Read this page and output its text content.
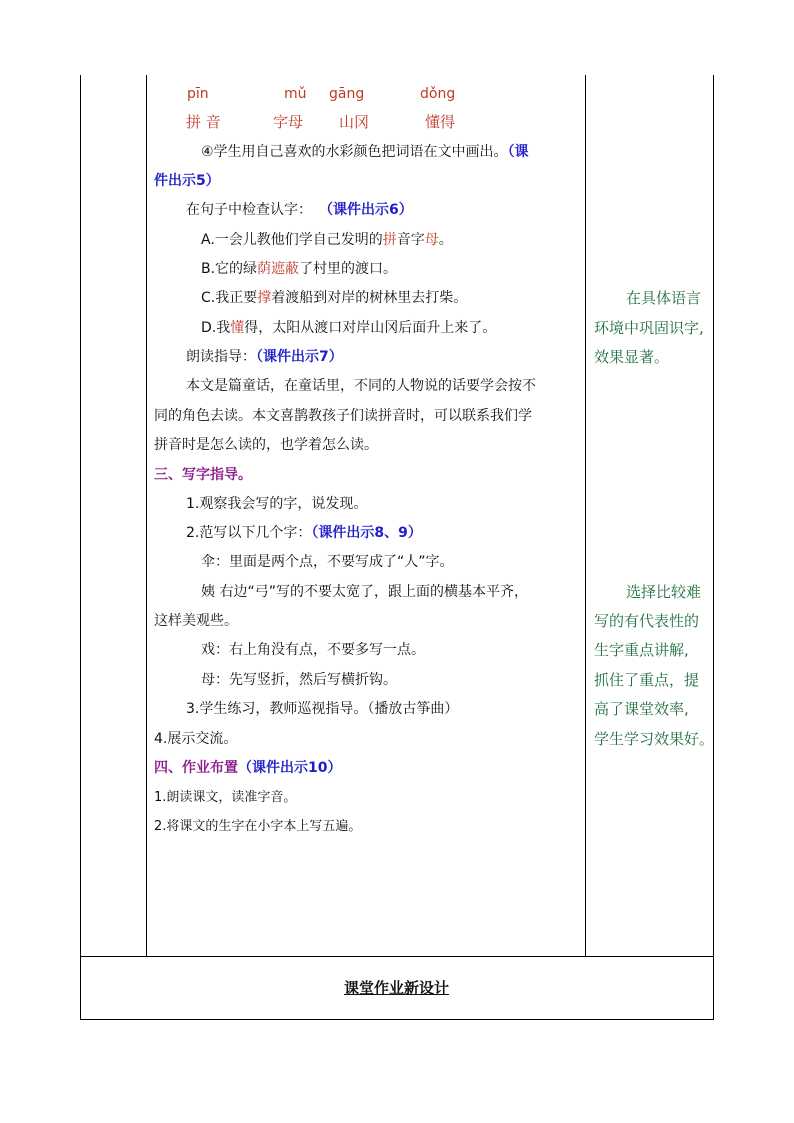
pīn	mǔ gāng	dǒng
拼 音	字母 山冈	懂得
④学生用自己喜欢的水彩颜色把词语在文中画出。（课
件出示5）
在句子中检查认字： （课件出示6）
A.一会儿教他们学自己发明的拼音字母。
B.它的绿荫遮蔽了村里的渡口。
C.我正要撑着渡船到对岸的树林里去打柴。
D.我懂得，太阳从渡口对岸山冈后面升上来了。
朗读指导：（课件出示7）
本文是篇童话，在童话里，不同的人物说的话要学会按不
同的角色去读。本文喜鹊教孩子们读拼音时，可以联系我们学
拼音时是怎么读的，也学着怎么读。
三、写字指导。
1.观察我会写的字，说发现。
2.范写以下几个字：（课件出示8、9）
伞：里面是两个点，不要写成了“人”字。
姨 右边“弓”写的不要太宽了，跟上面的横基本平齐，
这样美观些。
戏：右上角没有点，不要多写一点。
母：先写竖折，然后写横折钩。
3.学生练习，教师巡视指导。（播放古筝曲）
4.展示交流。
四、作业布置（课件出示10）
1.朗读课文，读准字音。
2.将课文的生字在小字本上写五遍。
在具体语言
环境中巩固识字,
效果显著。
选择比较难
写的有代表性的
生字重点讲解,
抓住了重点，提
高了课堂效率,
学生学习效果好。
课堂作业新设计
